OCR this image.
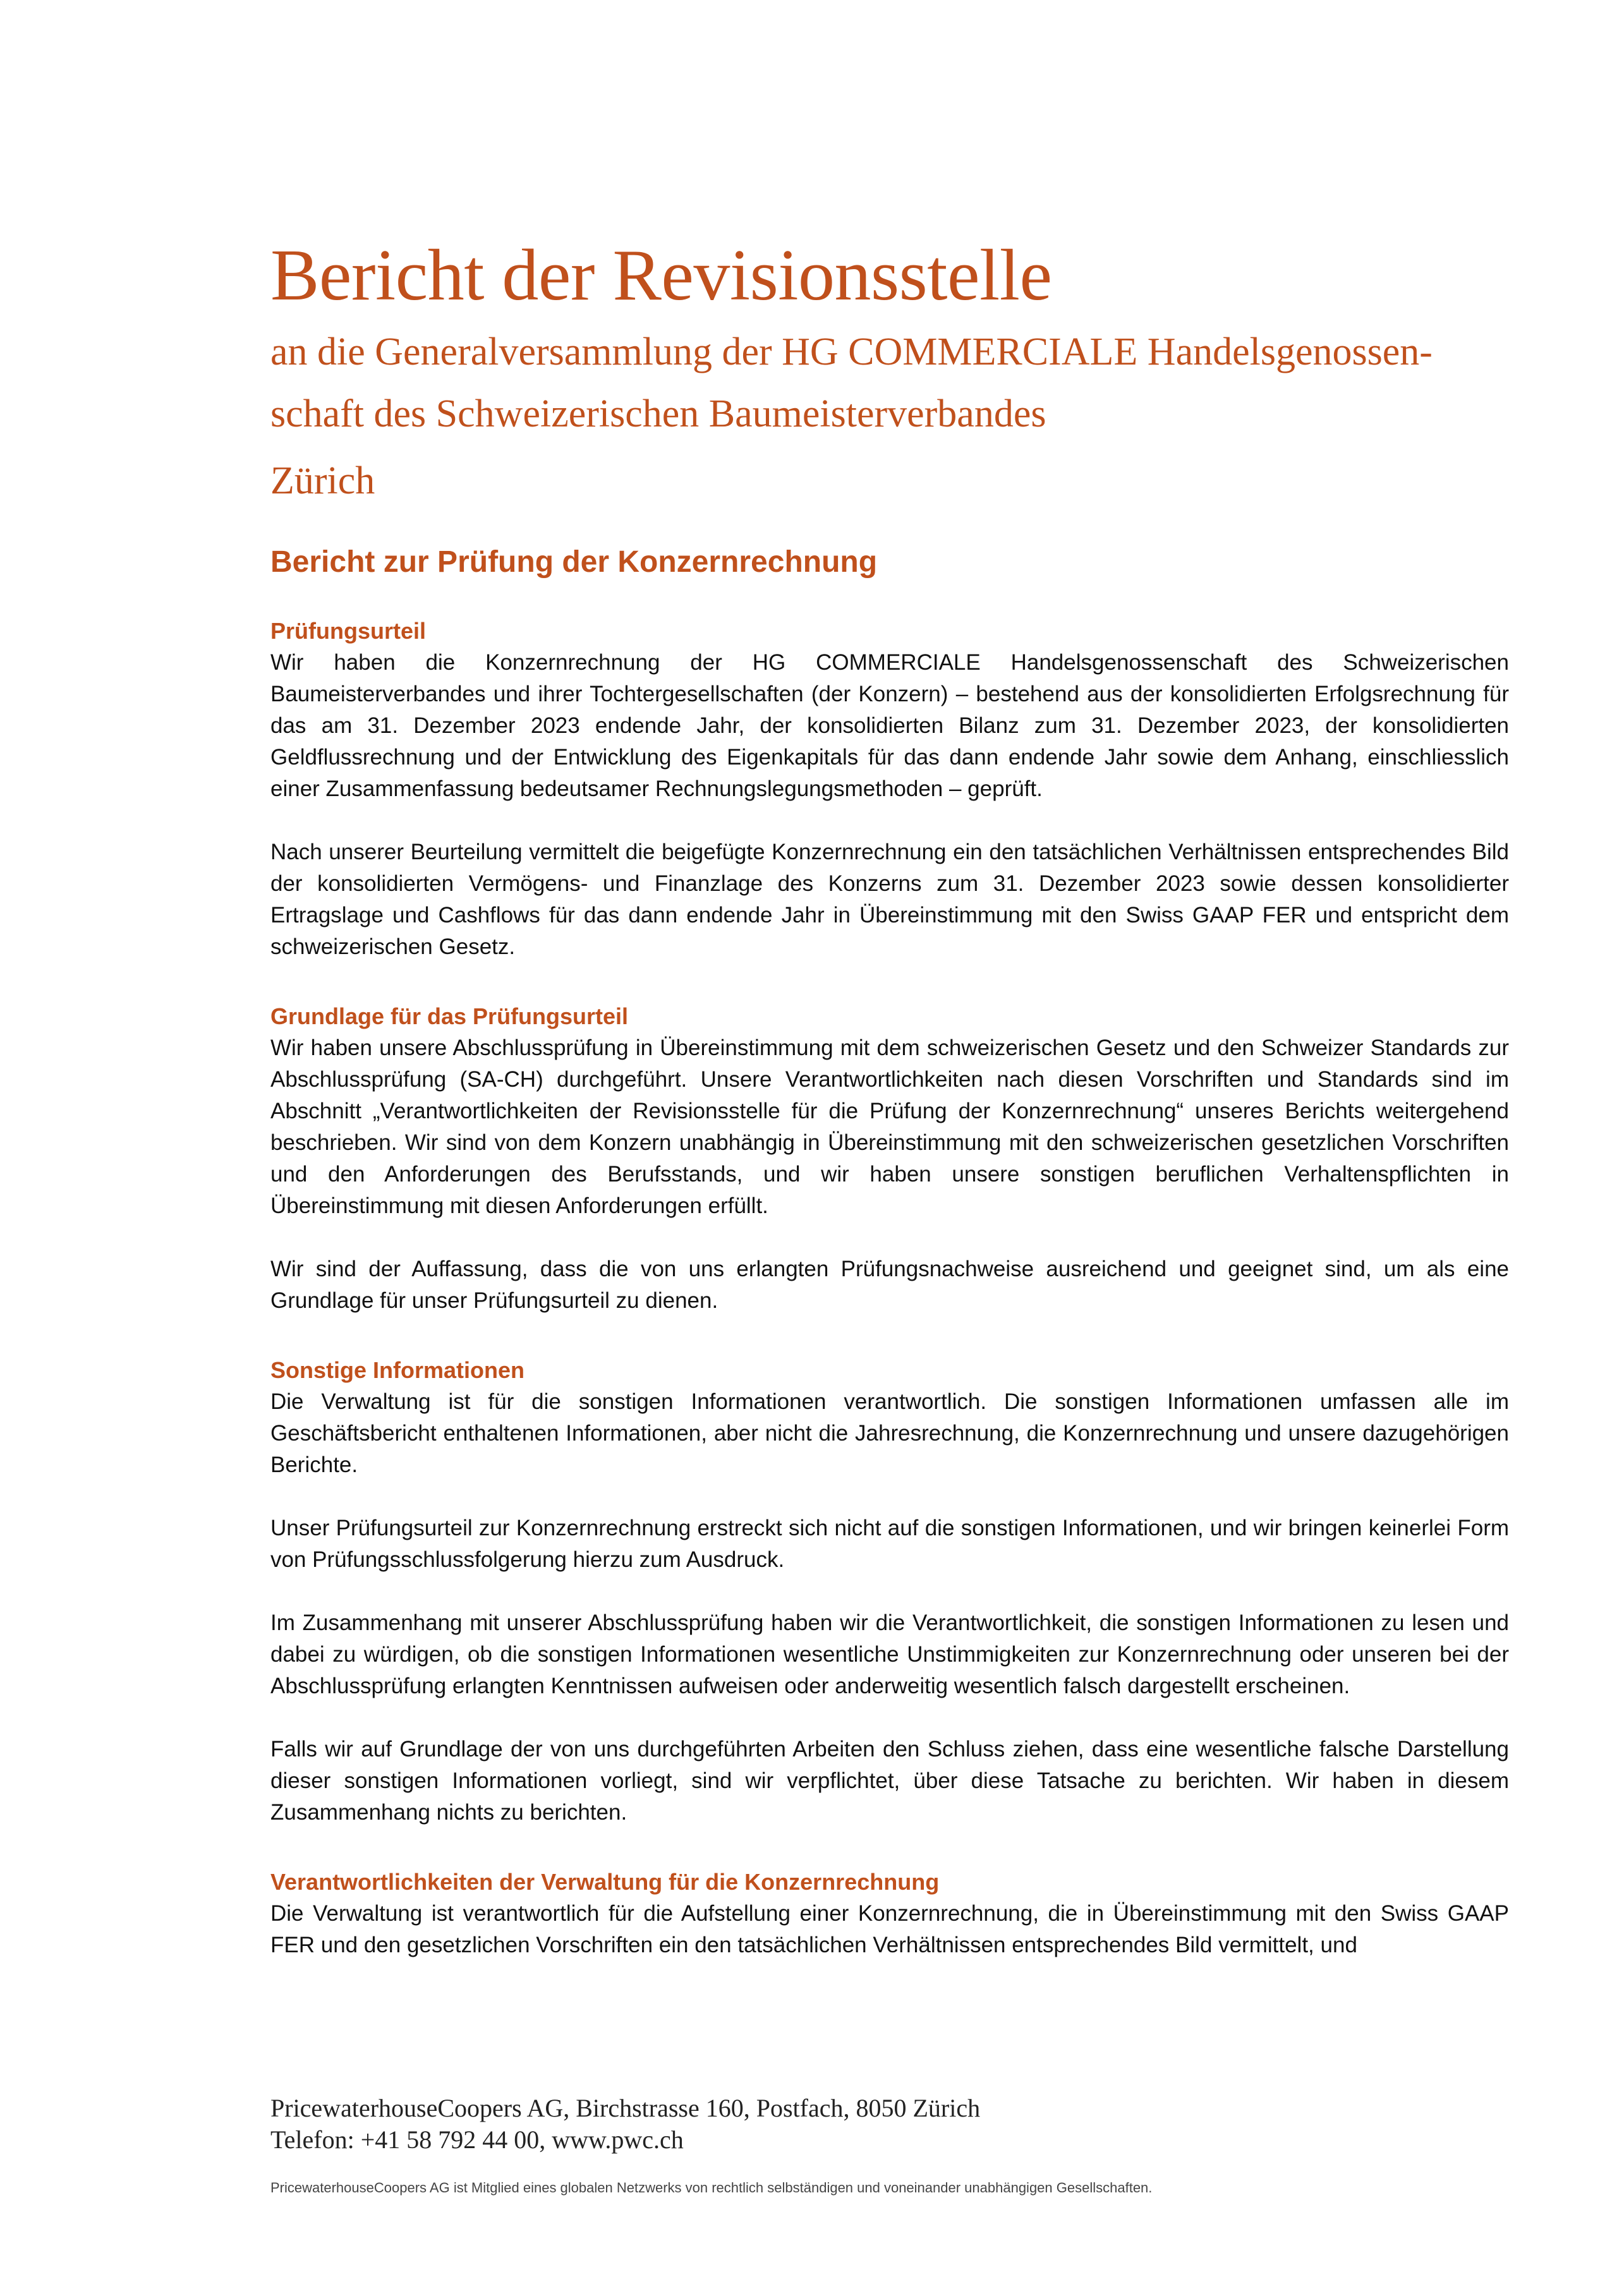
Bericht der Revisionsstelle
an die Generalversammlung der HG COMMERCIALE Handelsgenossen-
schaft des Schweizerischen Baumeisterverbandes
Zürich
Bericht zur Prüfung der Konzernrechnung
Prüfungsurteil

Wir haben die Konzernrechnung der HG COMMERCIALE Handelsgenossenschaft des Schweizerischen Baumeisterverbandes und ihrer Tochtergesellschaften (der Konzern) – bestehend aus der konsolidierten Erfolgsrechnung für das am 31. Dezember 2023 endende Jahr, der konsolidierten Bilanz zum 31. Dezember 2023, der konsolidierten Geldflussrechnung und der Entwicklung des Eigenkapitals für das dann endende Jahr sowie dem Anhang, einschliesslich einer Zusammenfassung bedeutsamer Rechnungslegungsmethoden – geprüft.

Nach unserer Beurteilung vermittelt die beigefügte Konzernrechnung ein den tatsächlichen Verhältnissen entsprechendes Bild der konsolidierten Vermögens- und Finanzlage des Konzerns zum 31. Dezember 2023 sowie dessen konsolidierter Ertragslage und Cashflows für das dann endende Jahr in Übereinstimmung mit den Swiss GAAP FER und entspricht dem schweizerischen Gesetz.

Grundlage für das Prüfungsurteil

Wir haben unsere Abschlussprüfung in Übereinstimmung mit dem schweizerischen Gesetz und den Schweizer Standards zur Abschlussprüfung (SA-CH) durchgeführt. Unsere Verantwortlichkeiten nach diesen Vorschriften und Standards sind im Abschnitt „Verantwortlichkeiten der Revisionsstelle für die Prüfung der Konzernrechnung“ unseres Berichts weitergehend beschrieben. Wir sind von dem Konzern unabhängig in Übereinstimmung mit den schweizerischen gesetzlichen Vorschriften und den Anforderungen des Berufsstands, und wir haben unsere sonstigen beruflichen Verhaltenspflichten in Übereinstimmung mit diesen Anforderungen erfüllt.

Wir sind der Auffassung, dass die von uns erlangten Prüfungsnachweise ausreichend und geeignet sind, um als eine Grundlage für unser Prüfungsurteil zu dienen.

Sonstige Informationen

Die Verwaltung ist für die sonstigen Informationen verantwortlich. Die sonstigen Informationen umfassen alle im Geschäftsbericht enthaltenen Informationen, aber nicht die Jahresrechnung, die Konzernrechnung und unsere dazugehörigen Berichte.

Unser Prüfungsurteil zur Konzernrechnung erstreckt sich nicht auf die sonstigen Informationen, und wir bringen keinerlei Form von Prüfungsschlussfolgerung hierzu zum Ausdruck.

Im Zusammenhang mit unserer Abschlussprüfung haben wir die Verantwortlichkeit, die sonstigen Informationen zu lesen und dabei zu würdigen, ob die sonstigen Informationen wesentliche Unstimmigkeiten zur Konzernrechnung oder unseren bei der Abschlussprüfung erlangten Kenntnissen aufweisen oder anderweitig wesentlich falsch dargestellt erscheinen.

Falls wir auf Grundlage der von uns durchgeführten Arbeiten den Schluss ziehen, dass eine wesentliche falsche Darstellung dieser sonstigen Informationen vorliegt, sind wir verpflichtet, über diese Tatsache zu berichten. Wir haben in diesem Zusammenhang nichts zu berichten.

Verantwortlichkeiten der Verwaltung für die Konzernrechnung

Die Verwaltung ist verantwortlich für die Aufstellung einer Konzernrechnung, die in Übereinstimmung mit den Swiss GAAP FER und den gesetzlichen Vorschriften ein den tatsächlichen Verhältnissen entsprechendes Bild vermittelt, und

PricewaterhouseCoopers AG, Birchstrasse 160, Postfach, 8050 Zürich
Telefon: +41 58 792 44 00, www.pwc.ch
PricewaterhouseCoopers AG ist Mitglied eines globalen Netzwerks von rechtlich selbständigen und voneinander unabhängigen Gesellschaften.
